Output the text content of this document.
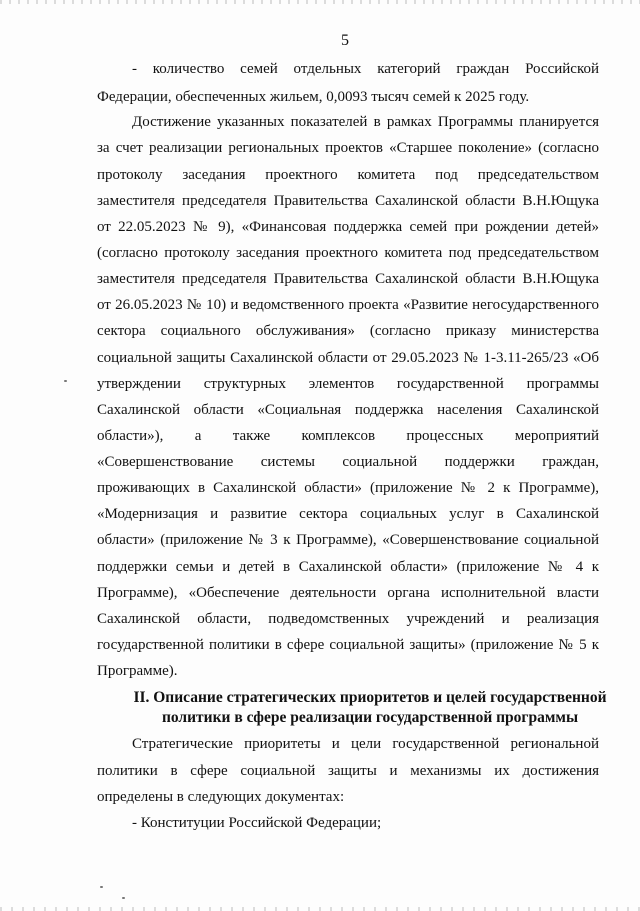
5
- количество семей отдельных категорий граждан Российской
Федерации, обеспеченных жильем, 0,0093 тысяч семей к 2025 году.
Достижение указанных показателей в рамках Программы планируется
за счет реализации региональных проектов «Старшее поколение» (согласно
протоколу заседания проектного комитета под председательством
заместителя председателя Правительства Сахалинской области В.Н.Ющука
от 22.05.2023 № 9), «Финансовая поддержка семей при рождении детей»
(согласно протоколу заседания проектного комитета под председательством
заместителя председателя Правительства Сахалинской области В.Н.Ющука
от 26.05.2023 № 10) и ведомственного проекта «Развитие негосударственного
сектора социального обслуживания» (согласно приказу министерства
социальной защиты Сахалинской области от 29.05.2023 № 1-3.11-265/23 «Об
утверждении структурных элементов государственной программы
Сахалинской области «Социальная поддержка населения Сахалинской
области»), а также комплексов процессных мероприятий
«Совершенствование системы социальной поддержки граждан,
проживающих в Сахалинской области» (приложение № 2 к Программе),
«Модернизация и развитие сектора социальных услуг в Сахалинской
области» (приложение № 3 к Программе), «Совершенствование социальной
поддержки семьи и детей в Сахалинской области» (приложение № 4 к
Программе), «Обеспечение деятельности органа исполнительной власти
Сахалинской области, подведомственных учреждений и реализация
государственной политики в сфере социальной защиты» (приложение № 5 к
Программе).
II. Описание стратегических приоритетов и целей государственной
политики в сфере реализации государственной программы
Стратегические приоритеты и цели государственной региональной
политики в сфере социальной защиты и механизмы их достижения
определены в следующих документах:
- Конституции Российской Федерации;
